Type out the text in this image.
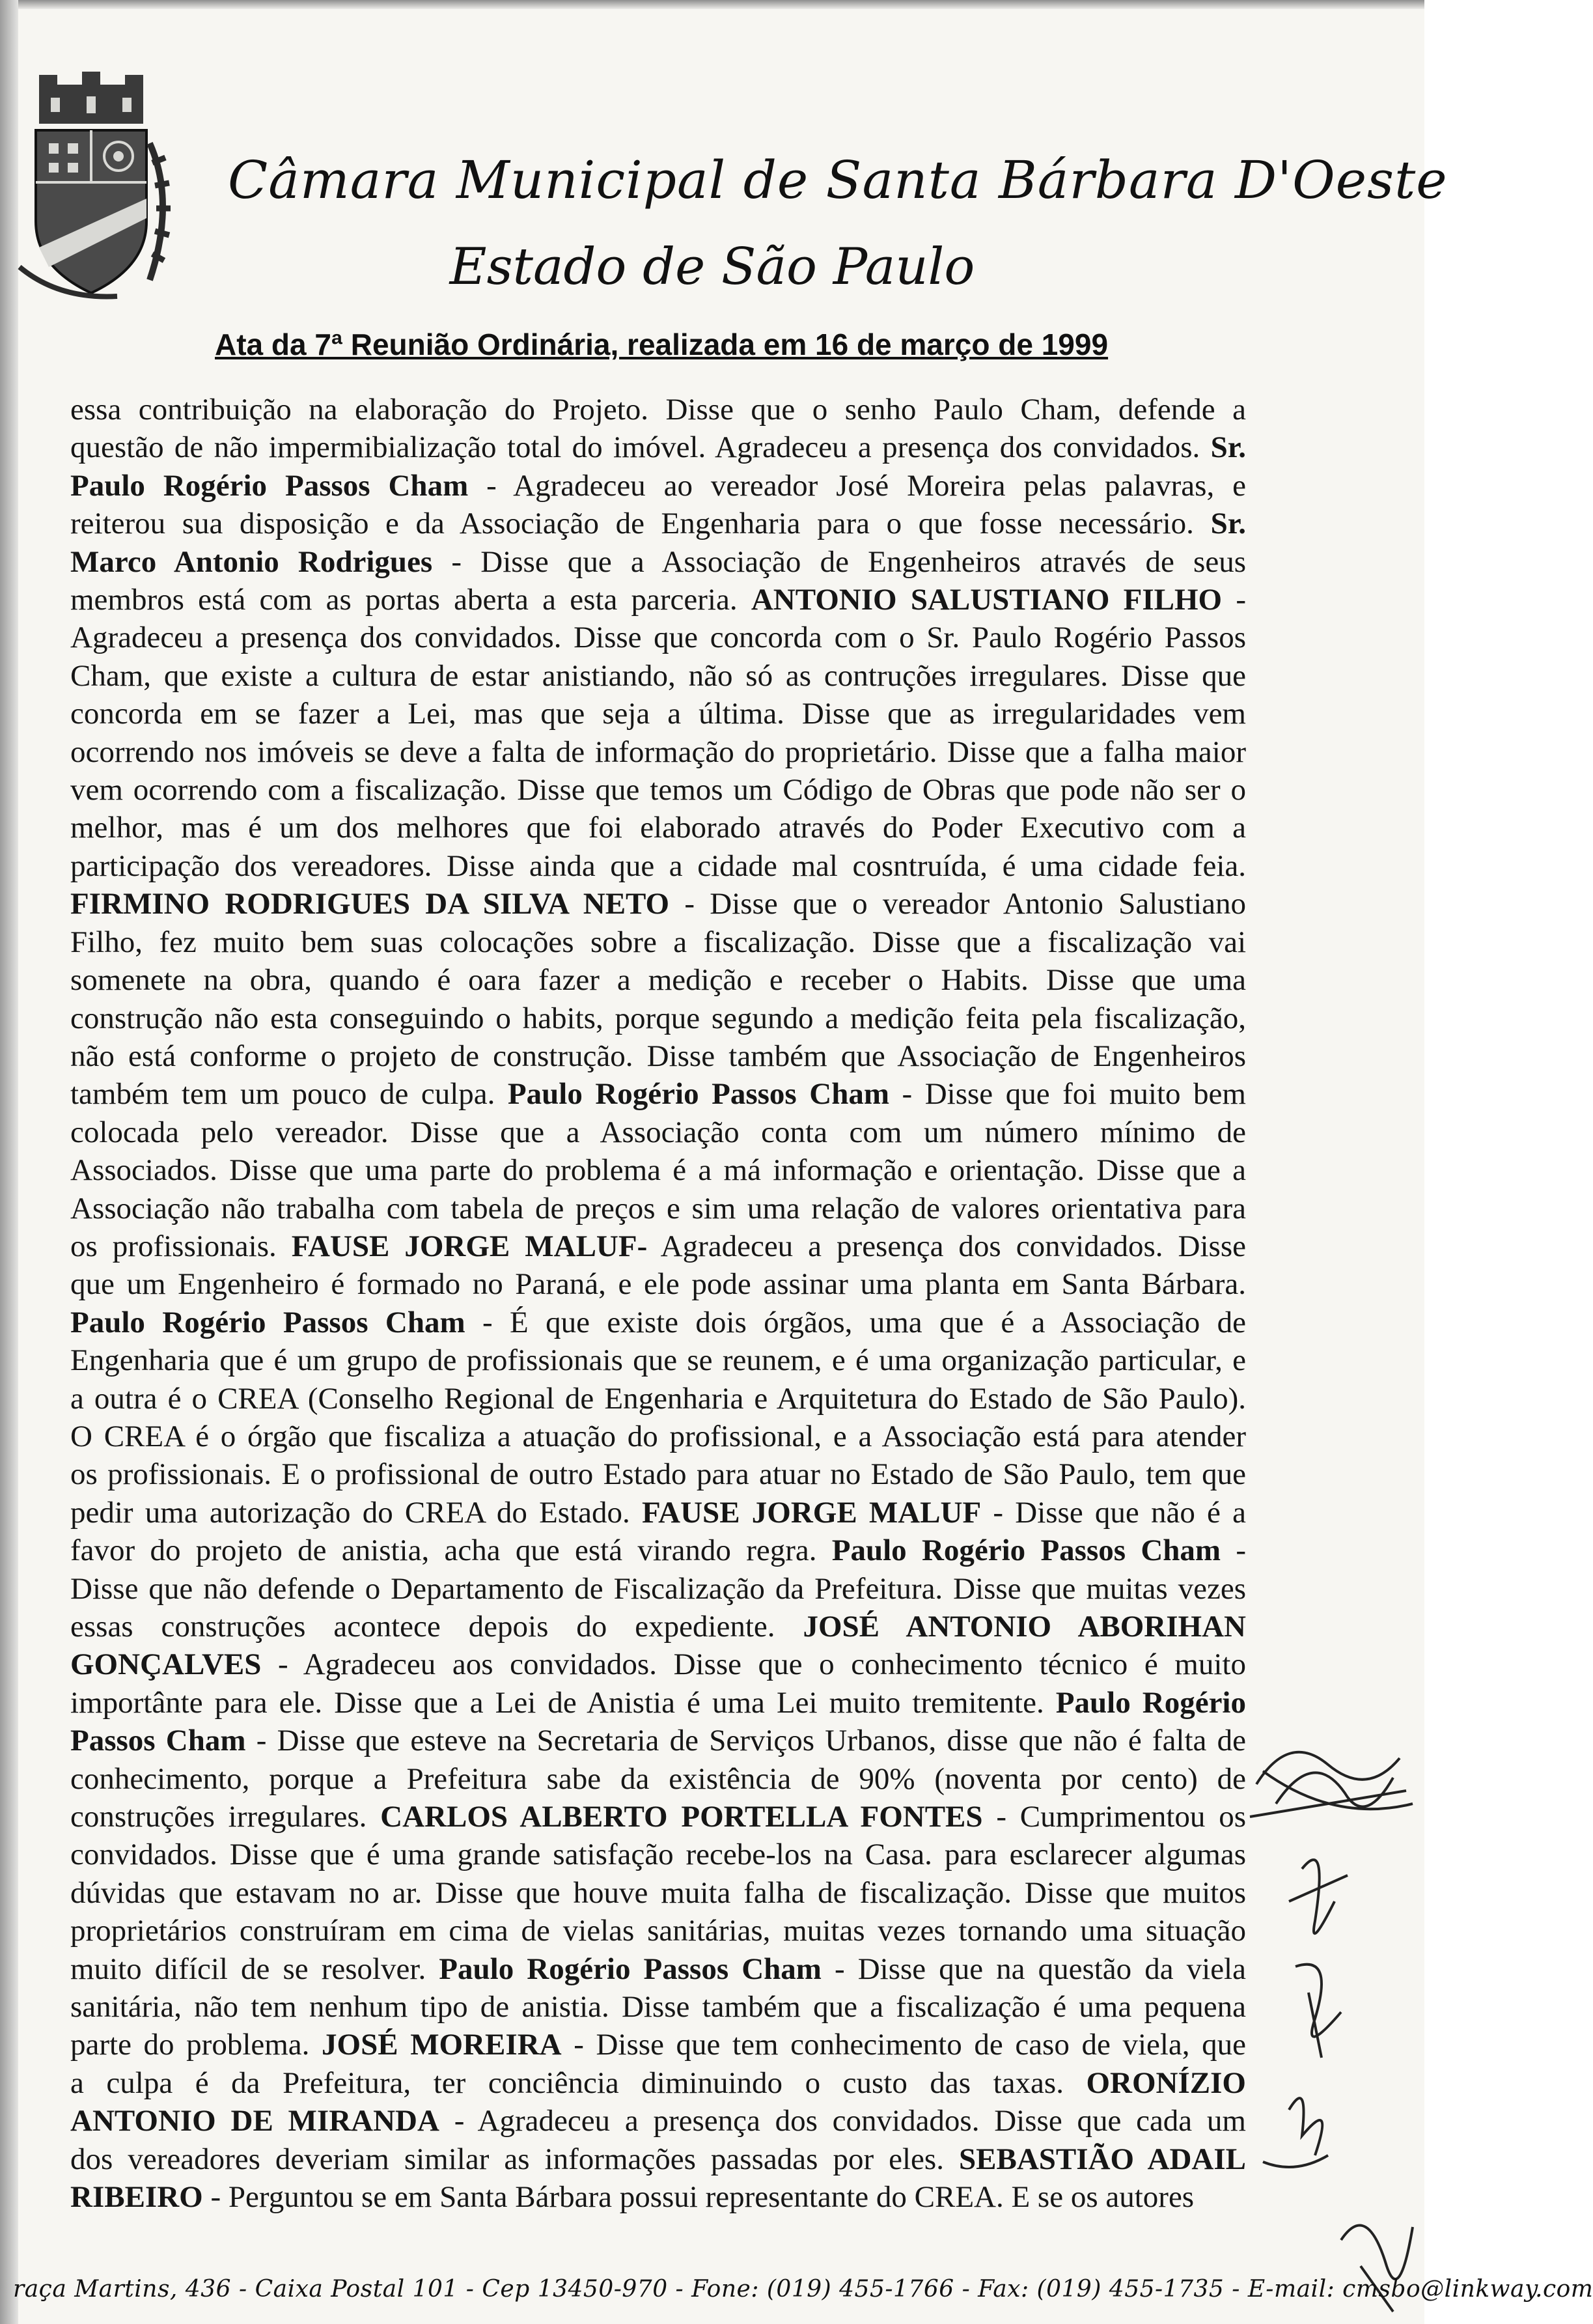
Câmara Municipal de Santa Bárbara D'Oeste
Estado de São Paulo
Ata da 7ª Reunião Ordinária, realizada em 16 de março de 1999

essa contribuição na elaboração do Projeto. Disse que o senho Paulo Cham, defende a

questão de não impermibialização total do imóvel. Agradeceu a presença dos convidados. Sr.

Paulo Rogério Passos Cham - Agradeceu ao vereador José Moreira pelas palavras, e

reiterou sua disposição e da Associação de Engenharia para o que fosse necessário. Sr.

Marco Antonio Rodrigues - Disse que a Associação de Engenheiros através de seus

membros está com as portas aberta a esta parceria. ANTONIO SALUSTIANO FILHO -

Agradeceu a presença dos convidados. Disse que concorda com o Sr. Paulo Rogério Passos

Cham, que existe a cultura de estar anistiando, não só as contruções irregulares. Disse que

concorda em se fazer a Lei, mas que seja a última. Disse que as irregularidades vem

ocorrendo nos imóveis se deve a falta de informação do proprietário. Disse que a falha maior

vem ocorrendo com a fiscalização. Disse que temos um Código de Obras que pode não ser o

melhor, mas é um dos melhores que foi elaborado através do Poder Executivo com a

participação dos vereadores. Disse ainda que a cidade mal cosntruída, é uma cidade feia.

FIRMINO RODRIGUES DA SILVA NETO - Disse que o vereador Antonio Salustiano

Filho, fez muito bem suas colocações sobre a fiscalização. Disse que a fiscalização vai

somenete na obra, quando é oara fazer a medição e receber o Habits. Disse que uma

construção não esta conseguindo o habits, porque segundo a medição feita pela fiscalização,

não está conforme o projeto de construção. Disse também que Associação de Engenheiros

também tem um pouco de culpa. Paulo Rogério Passos Cham - Disse que foi muito bem

colocada pelo vereador. Disse que a Associação conta com um número mínimo de

Associados. Disse que uma parte do problema é a má informação e orientação. Disse que a

Associação não trabalha com tabela de preços e sim uma relação de valores orientativa para

os profissionais. FAUSE JORGE MALUF- Agradeceu a presença dos convidados. Disse

que um Engenheiro é formado no Paraná, e ele pode assinar uma planta em Santa Bárbara.

Paulo Rogério Passos Cham - É que existe dois órgãos, uma que é a Associação de

Engenharia que é um grupo de profissionais que se reunem, e é uma organização particular, e

a outra é o CREA (Conselho Regional de Engenharia e Arquitetura do Estado de São Paulo).

O CREA é o órgão que fiscaliza a atuação do profissional, e a Associação está para atender

os profissionais. E o profissional de outro Estado para atuar no Estado de São Paulo, tem que

pedir uma autorização do CREA do Estado. FAUSE JORGE MALUF - Disse que não é a

favor do projeto de anistia, acha que está virando regra. Paulo Rogério Passos Cham -

Disse que não defende o Departamento de Fiscalização da Prefeitura. Disse que muitas vezes

essas construções acontece depois do expediente. JOSÉ ANTONIO ABORIHAN

GONÇALVES - Agradeceu aos convidados. Disse que o conhecimento técnico é muito

importânte para ele. Disse que a Lei de Anistia é uma Lei muito tremitente. Paulo Rogério

Passos Cham - Disse que esteve na Secretaria de Serviços Urbanos, disse que não é falta de

conhecimento, porque a Prefeitura sabe da existência de 90% (noventa por cento) de

construções irregulares. CARLOS ALBERTO PORTELLA FONTES - Cumprimentou os

convidados. Disse que é uma grande satisfação recebe-los na Casa. para esclarecer algumas

dúvidas que estavam no ar. Disse que houve muita falha de fiscalização. Disse que muitos

proprietários construíram em cima de vielas sanitárias, muitas vezes tornando uma situação

muito difícil de se resolver. Paulo Rogério Passos Cham - Disse que na questão da viela

sanitária, não tem nenhum tipo de anistia. Disse também que a fiscalização é uma pequena

parte do problema. JOSÉ MOREIRA - Disse que tem conhecimento de caso de viela, que

a culpa é da Prefeitura, ter conciência diminuindo o custo das taxas. ORONÍZIO

ANTONIO DE MIRANDA - Agradeceu a presença dos convidados. Disse que cada um

dos vereadores deveriam similar as informações passadas por eles. SEBASTIÃO ADAIL

RIBEIRO - Perguntou se em Santa Bárbara possui representante do CREA. E se os autores

raça Martins, 436 - Caixa Postal 101 - Cep 13450-970 - Fone: (019) 455-1766 - Fax: (019) 455-1735 - E-mail: cmsbo@linkway.com
